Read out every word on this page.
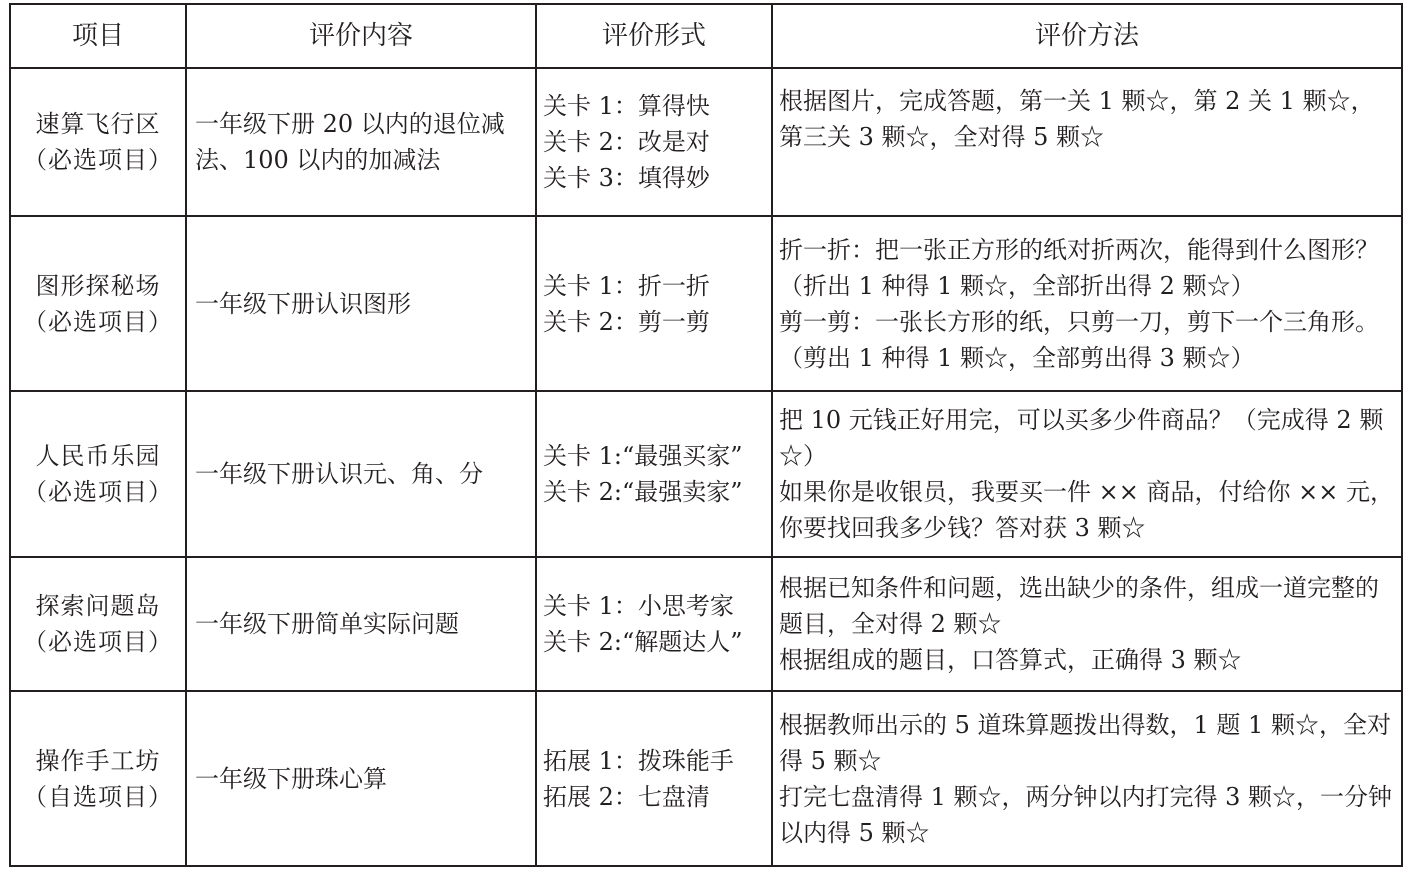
项目	评价内容	评价形式	评价方法

速算飞行区
（必选项目）	一年级下册 20 以内的退位减法、100 以内的加减法	关卡 1：算得快
关卡 2：改是对
关卡 3：填得妙	根据图片，完成答题，第一关 1 颗☆，第 2 关 1 颗☆，第三关 3 颗☆，全对得 5 颗☆

图形探秘场
（必选项目）	一年级下册认识图形	关卡 1：折一折
关卡 2：剪一剪	折一折：把一张正方形的纸对折两次，能得到什么图形？（折出 1 种得 1 颗☆，全部折出得 2 颗☆）
剪一剪：一张长方形的纸，只剪一刀，剪下一个三角形。（剪出 1 种得 1 颗☆，全部剪出得 3 颗☆）

人民币乐园
（必选项目）	一年级下册认识元、角、分	关卡 1:“最强买家”
关卡 2:“最强卖家”	把 10 元钱正好用完，可以买多少件商品？（完成得 2 颗☆）
如果你是收银员，我要买一件 ×× 商品，付给你 ×× 元，你要找回我多少钱？答对获 3 颗☆

探索问题岛
（必选项目）	一年级下册简单实际问题	关卡 1：小思考家
关卡 2:“解题达人”	根据已知条件和问题，选出缺少的条件，组成一道完整的题目，全对得 2 颗☆
根据组成的题目，口答算式，正确得 3 颗☆

操作手工坊
（自选项目）	一年级下册珠心算	拓展 1：拨珠能手
拓展 2：七盘清	根据教师出示的 5 道珠算题拨出得数，1 题 1 颗☆，全对得 5 颗☆
打完七盘清得 1 颗☆，两分钟以内打完得 3 颗☆，一分钟以内得 5 颗☆
